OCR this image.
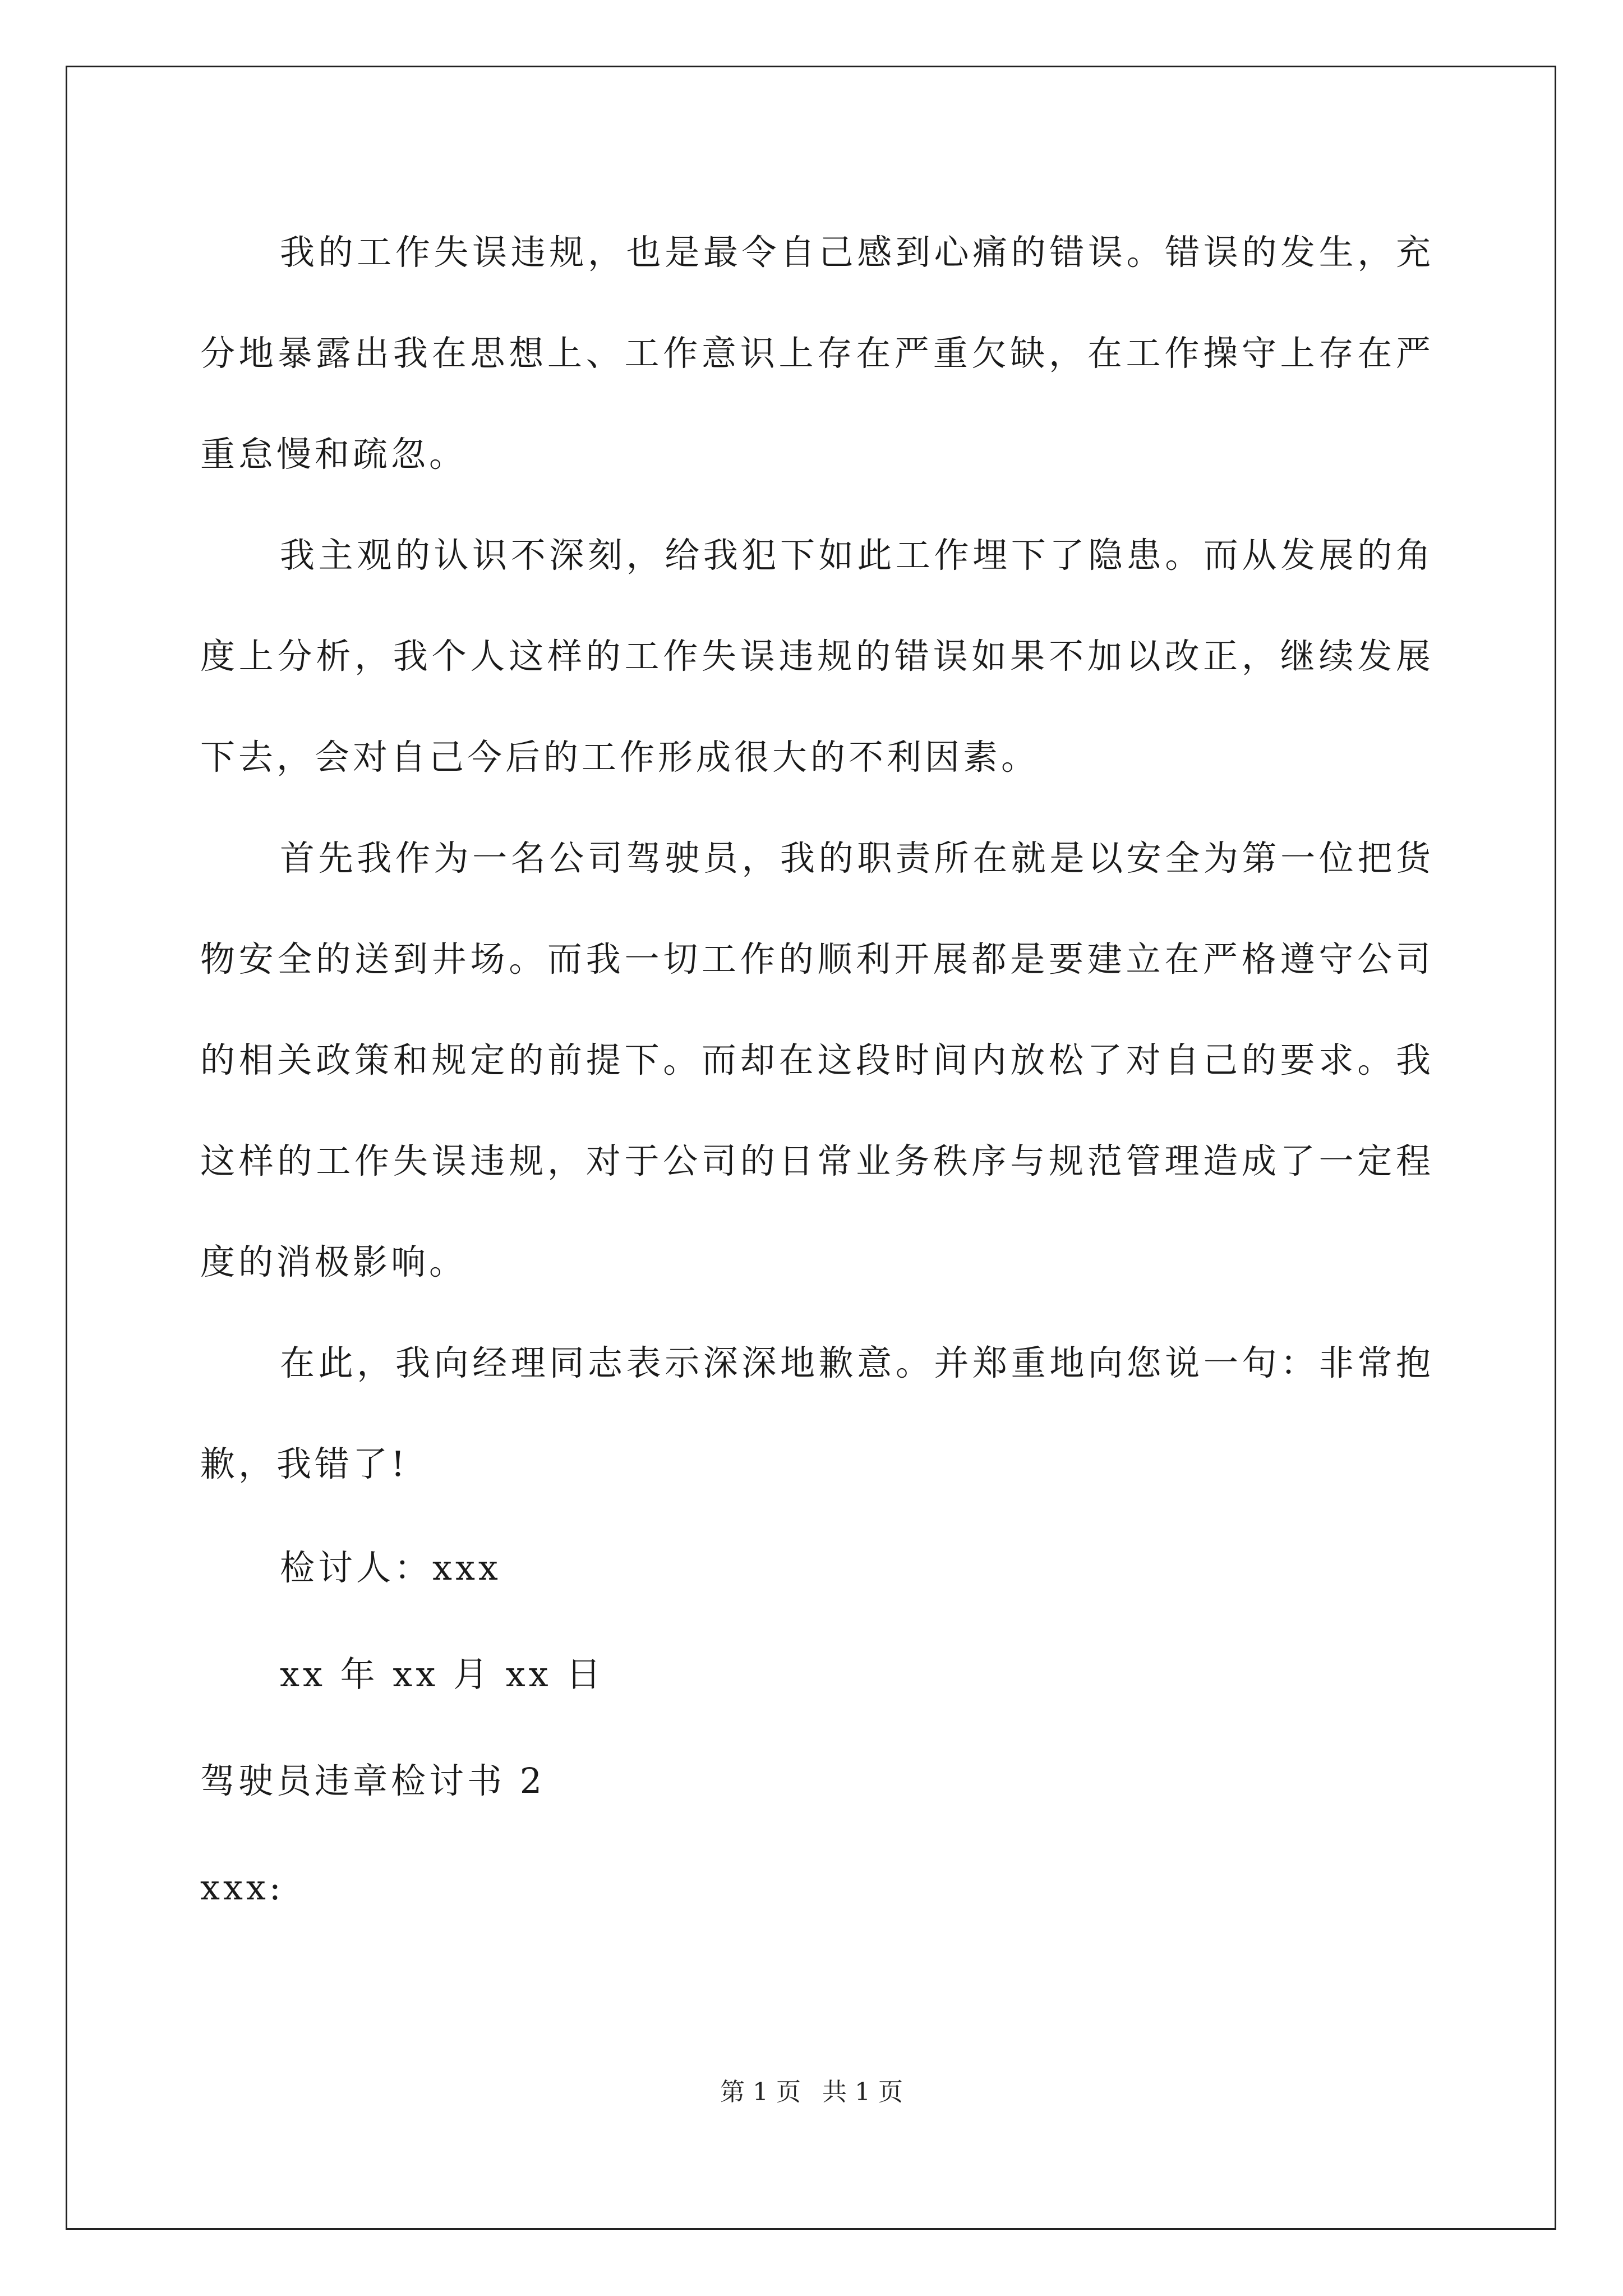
我的工作失误违规，也是最令自己感到心痛的错误。错误的发生，充分地暴露出我在思想上、工作意识上存在严重欠缺，在工作操守上存在严重怠慢和疏忽。

我主观的认识不深刻，给我犯下如此工作埋下了隐患。而从发展的角度上分析，我个人这样的工作失误违规的错误如果不加以改正，继续发展下去，会对自己今后的工作形成很大的不利因素。

首先我作为一名公司驾驶员，我的职责所在就是以安全为第一位把货物安全的送到井场。而我一切工作的顺利开展都是要建立在严格遵守公司的相关政策和规定的前提下。而却在这段时间内放松了对自己的要求。我这样的工作失误违规，对于公司的日常业务秩序与规范管理造成了一定程度的消极影响。

在此，我向经理同志表示深深地歉意。并郑重地向您说一句：非常抱歉，我错了!

检讨人：xxx

xx 年 xx 月 xx 日

驾驶员违章检讨书 2

xxx:

第 1 页 共 1 页
